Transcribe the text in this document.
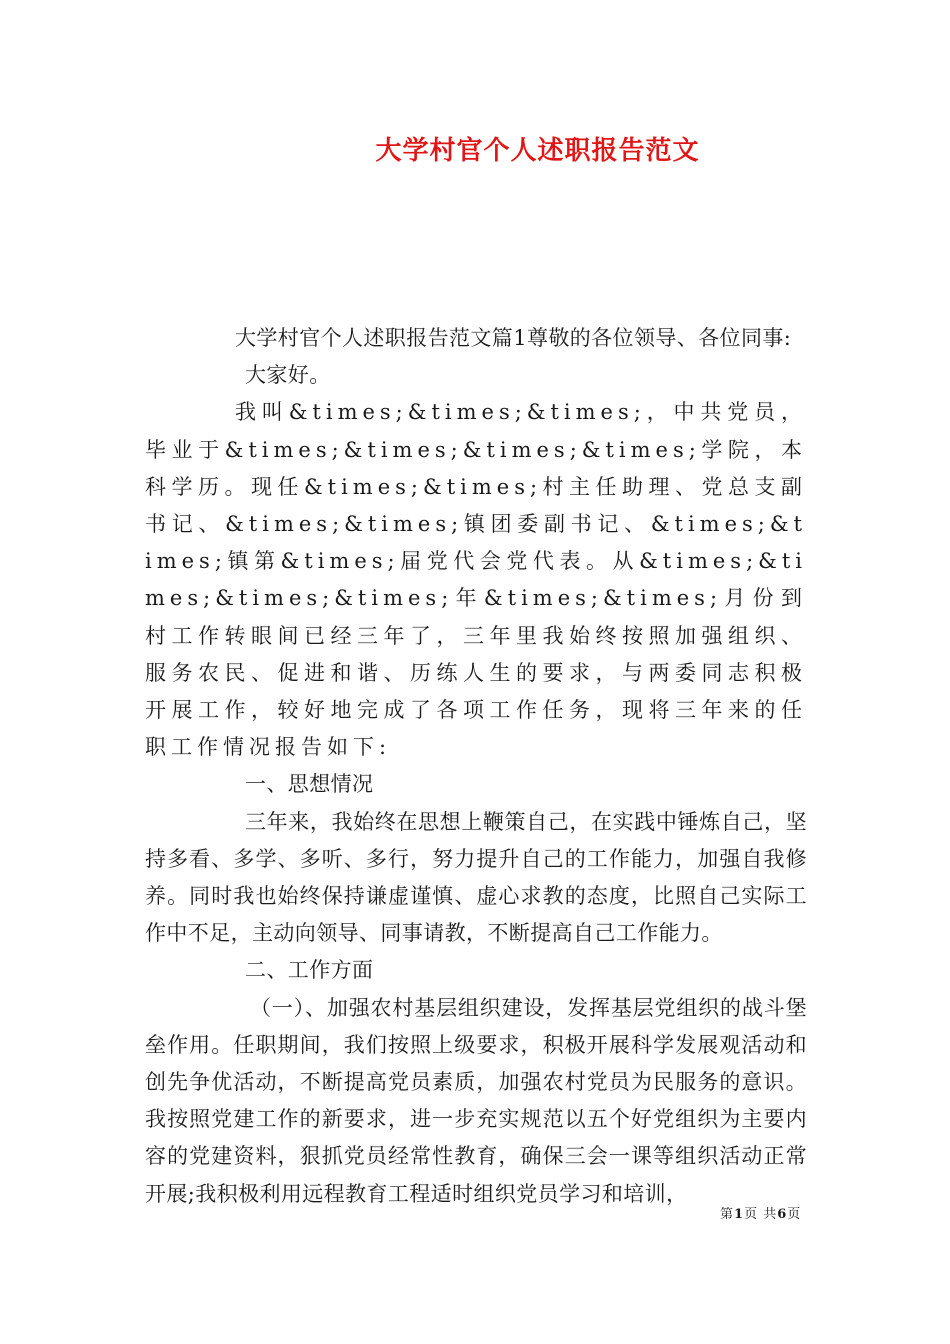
大学村官个人述职报告范文

大学村官个人述职报告范文篇1尊敬的各位领导、各位同事:

大家好。

我叫&times;&times;&times;，中共党员，毕业于&times;&times;&times;&times;学院，本科学历。现任&times;&times;村主任助理、党总支副书记、&times;&times;镇团委副书记、&times;&times;镇第&times;届党代会党代表。从&times;&times;&times;&times;年&times;&times;月份到村工作转眼间已经三年了，三年里我始终按照加强组织、服务农民、促进和谐、历练人生的要求，与两委同志积极开展工作，较好地完成了各项工作任务，现将三年来的任职工作情况报告如下:

一、思想情况

三年来，我始终在思想上鞭策自己，在实践中锤炼自己，坚持多看、多学、多听、多行，努力提升自己的工作能力，加强自我修养。同时我也始终保持谦虚谨慎、虚心求教的态度，比照自己实际工作中不足，主动向领导、同事请教，不断提高自己工作能力。

二、工作方面

（一）、加强农村基层组织建设，发挥基层党组织的战斗堡垒作用。任职期间，我们按照上级要求，积极开展科学发展观活动和创先争优活动，不断提高党员素质，加强农村党员为民服务的意识。我按照党建工作的新要求，进一步充实规范以五个好党组织为主要内容的党建资料，狠抓党员经常性教育，确保三会一课等组织活动正常开展;我积极利用远程教育工程适时组织党员学习和培训，

第1页 共6页
